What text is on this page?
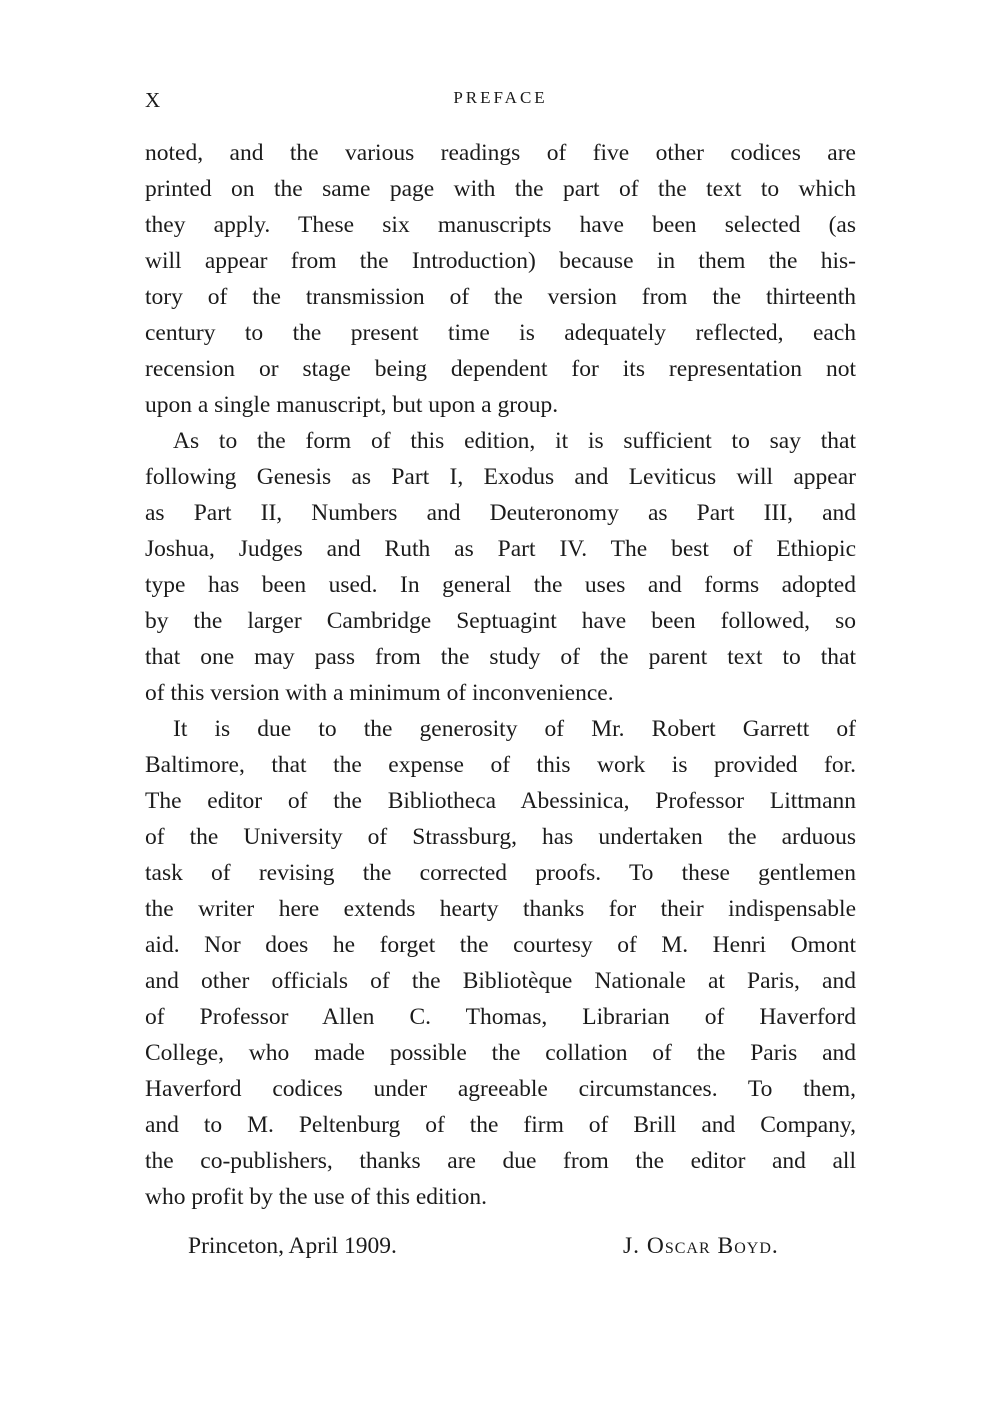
X	PREFACE

noted, and the various readings of five other codices are
printed on the same page with the part of the text to which
they apply. These six manuscripts have been selected (as
will appear from the Introduction) because in them the his-
tory of the transmission of the version from the thirteenth
century to the present time is adequately reflected, each
recension or stage being dependent for its representation not
upon a single manuscript, but upon a group.

As to the form of this edition, it is sufficient to say that
following Genesis as Part I, Exodus and Leviticus will appear
as Part II, Numbers and Deuteronomy as Part III, and
Joshua, Judges and Ruth as Part IV. The best of Ethiopic
type has been used. In general the uses and forms adopted
by the larger Cambridge Septuagint have been followed, so
that one may pass from the study of the parent text to that
of this version with a minimum of inconvenience.

It is due to the generosity of Mr. Robert Garrett of
Baltimore, that the expense of this work is provided for.
The editor of the Bibliotheca Abessinica, Professor Littmann
of the University of Strassburg, has undertaken the arduous
task of revising the corrected proofs. To these gentlemen
the writer here extends hearty thanks for their indispensable
aid. Nor does he forget the courtesy of M. Henri Omont
and other officials of the Bibliotèque Nationale at Paris, and
of Professor Allen C. Thomas, Librarian of Haverford
College, who made possible the collation of the Paris and
Haverford codices under agreeable circumstances. To them,
and to M. Peltenburg of the firm of Brill and Company,
the co-publishers, thanks are due from the editor and all
who profit by the use of this edition.

Princeton, April 1909.	J. Oscar Boyd.
